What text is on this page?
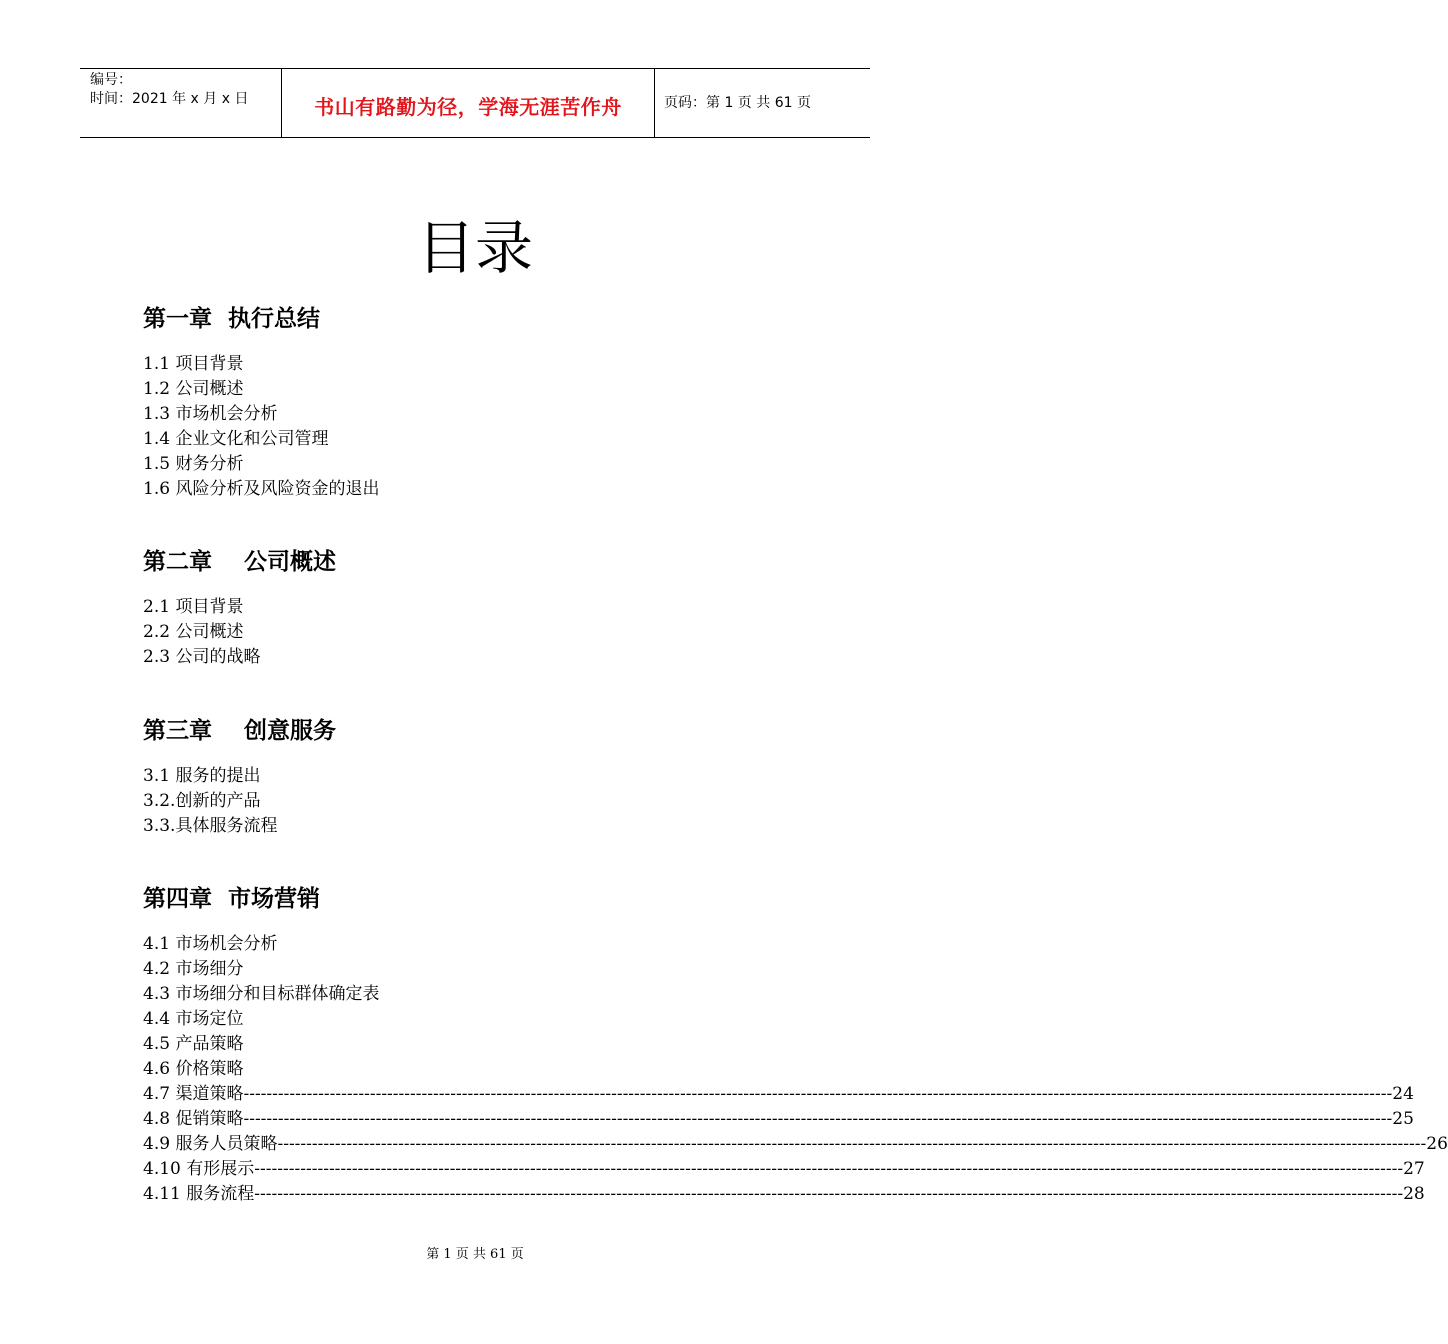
编号：
时间：2021 年 x 月 x 日	书山有路勤为径，学海无涯苦作舟	页码：第 1 页 共 61 页
目录
第一章  执行总结
1.1 项目背景
1.2 公司概述
1.3 市场机会分析
1.4 企业文化和公司管理
1.5 财务分析
1.6 风险分析及风险资金的退出
第二章    公司概述
2.1 项目背景
2.2 公司概述
2.3 公司的战略
第三章    创意服务
3.1 服务的提出
3.2.创新的产品
3.3.具体服务流程
第四章  市场营销
4.1 市场机会分析
4.2 市场细分
4.3 市场细分和目标群体确定表
4.4 市场定位
4.5 产品策略
4.6 价格策略
4.7 渠道策略 -------------------------------------------------------------------------------------------------------------------------------------------------------------------------------------------------------- 24
4.8 促销策略 -------------------------------------------------------------------------------------------------------------------------------------------------------------------------------------------------------- 25
4.9 服务人员策略 -------------------------------------------------------------------------------------------------------------------------------------------------------------------------------------------------------- 26
4.10 有形展示 -------------------------------------------------------------------------------------------------------------------------------------------------------------------------------------------------------- 27
4.11 服务流程 -------------------------------------------------------------------------------------------------------------------------------------------------------------------------------------------------------- 28
第 1 页 共 61 页
